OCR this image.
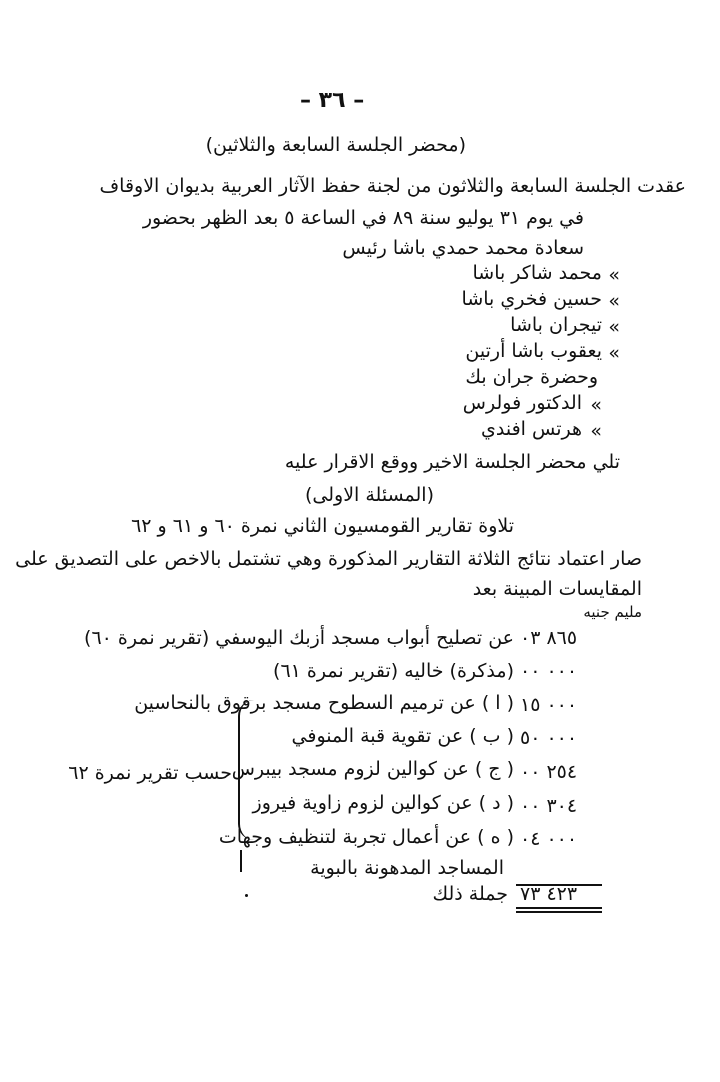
– ٣٦ –
(محضر الجلسة السابعة والثلاثين)
عقدت الجلسة السابعة والثلاثون من لجنة حفظ الآثار العربية بديوان الاوقاف
في يوم ٣١ يوليو سنة ٨٩ في الساعة ٥ بعد الظهر بحضور
سعادة محمد حمدي باشا رئيس
«
محمد شاكر باشا
«
حسين فخري باشا
«
تيجران باشا
«
يعقوب باشا أرتين
وحضرة جران بك
«
الدكتور فولرس
«
هرتس افندي
تلي محضر الجلسة الاخير ووقع الاقرار عليه
(المسئلة الاولى)
تلاوة تقارير القومسيون الثاني نمرة ٦٠ و ٦١ و ٦٢
صار اعتماد نتائج الثلاثة التقارير المذكورة وهي تشتمل بالاخص على التصديق على
المقايسات المبينة بعد
مليم جنيه
٨٦٥ ٠٣
عن تصليح أبواب مسجد أزبك اليوسفي (تقرير نمرة ٦٠)
٠٠٠ ٠٠
(مذكرة) خاليه (تقرير نمرة ٦١)
٠٠٠ ١٥
( ا ) عن ترميم السطوح مسجد برقوق بالنحاسين
٠٠٠ ٥٠
( ب ) عن تقوية قبة المنوفي
٢٥٤ ٠٠
( ج ) عن كوالين لزوم مسجد بيبرس
٣٠٤ ٠٠
( د ) عن كوالين لزوم زاوية فيروز
٠٠٠ ٠٤
( ه ) عن أعمال تجربة لتنظيف وجهات
المساجد المدهونة بالبوية
حسب تقرير نمرة ٦٢
٤٢٣ ٧٣
جملة ذلك
